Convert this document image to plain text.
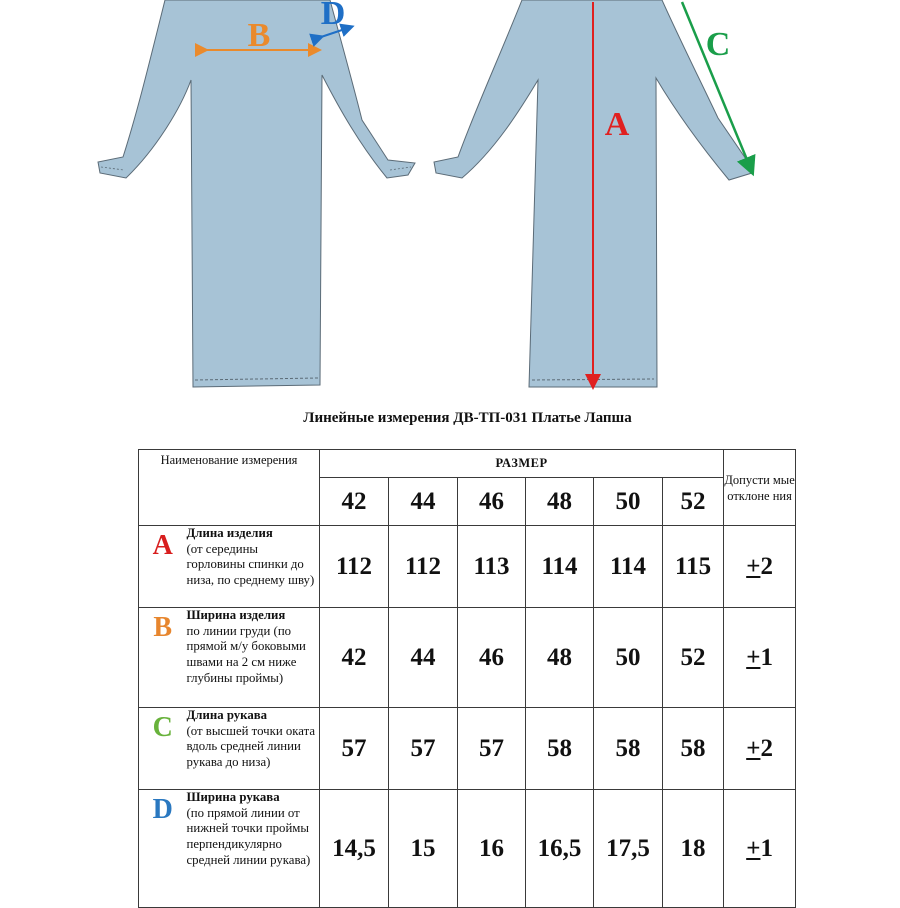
B
D
A
C
Линейные измерения ДВ-ТП-031 Платье Лапша
Наименование измерения		РАЗМЕР						Допусти мые отклоне ния
		42	44	46	48	50	52	

A	Длина изделия
(от середины горловины спинки до низа, по среднему шву)	112	112	113	114	114	115	+2

B	Ширина изделия
по линии груди (по прямой м/у боковыми швами на 2 см ниже глубины проймы)	42	44	46	48	50	52	+1

C	Длина рукава
(от высшей точки оката вдоль средней линии рукава до низа)	57	57	57	58	58	58	+2

D	Ширина рукава
(по прямой линии от нижней точки проймы перпендикулярно средней линии рукава)	14,5	15	16	16,5	17,5	18	+1
